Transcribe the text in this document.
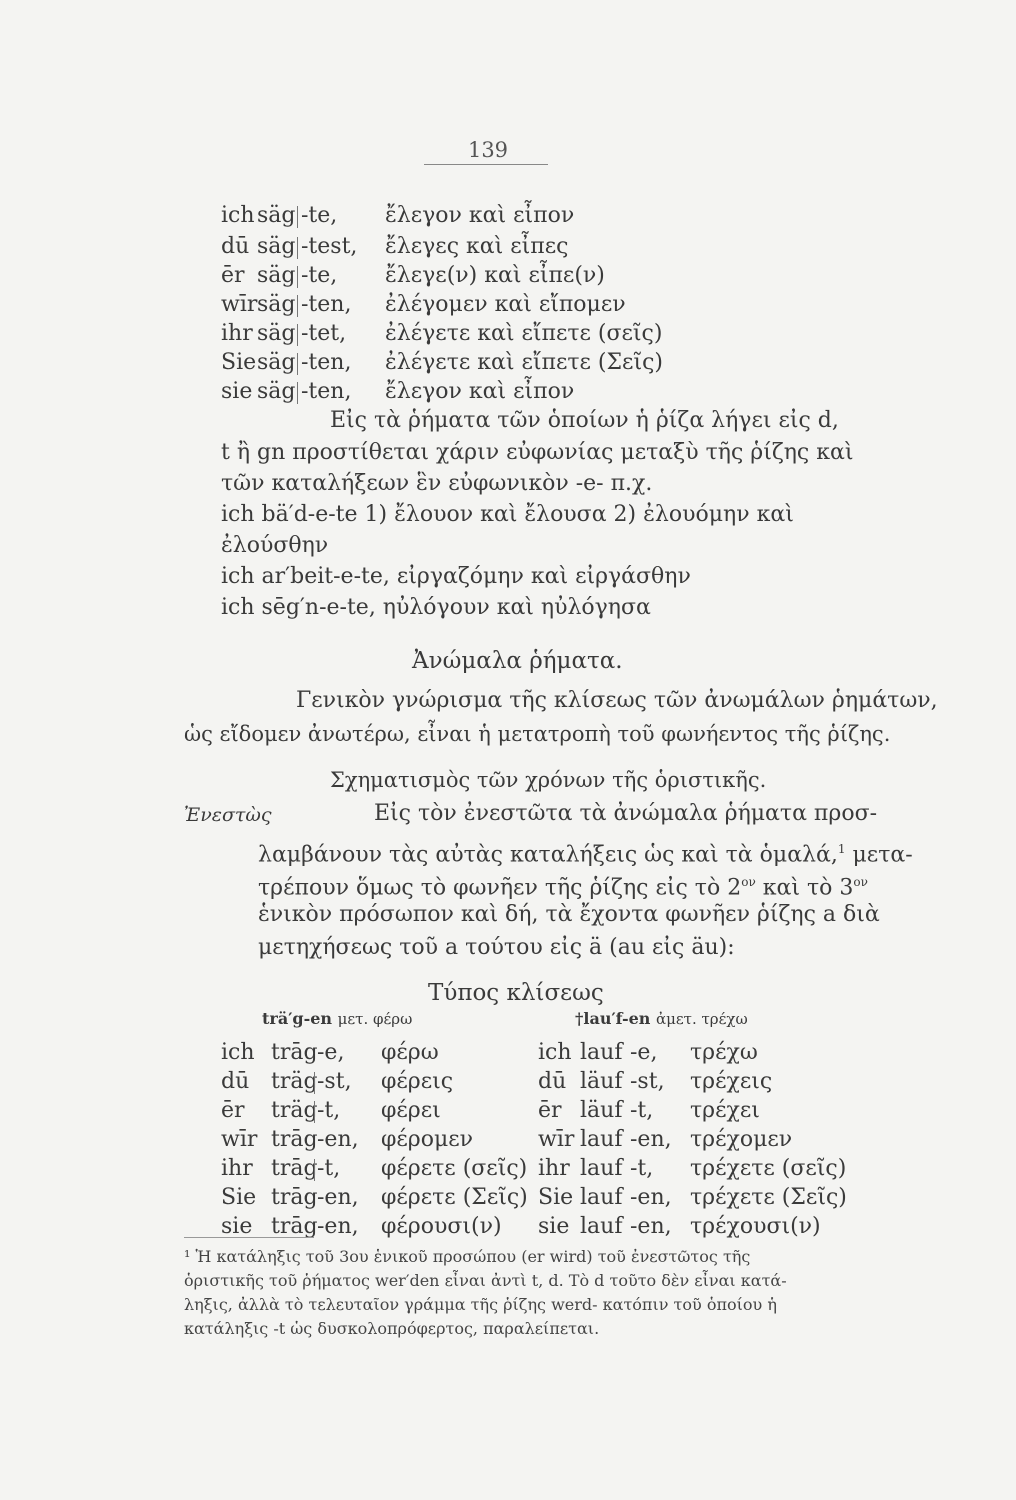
139
ich säg -te, ἔλεγον καὶ εἶπον
dū säg -test, ἔλεγες καὶ εἶπες
ēr säg -te, ἔλεγε(ν) καὶ εἶπε(ν)
wīr säg -ten, ἐλέγομεν καὶ εἴπομεν
ihr säg -tet, ἐλέγετε καὶ εἴπετε (σεῖς)
Sie säg -ten, ἐλέγετε καὶ εἴπετε (Σεῖς)
sie säg -ten, ἔλεγον καὶ εἶπον
Εἰς τὰ ῥήματα τῶν ὁποίων ἡ ῥίζα λήγει εἰς d,
t ἢ gn προστίθεται χάριν εὐφωνίας μεταξὺ τῆς ῥίζης καὶ
τῶν καταλήξεων ἓν εὐφωνικὸν -e- π.χ.
ich bä′d-e-te 1) ἔλουον καὶ ἔλουσα 2) ἐλουόμην καὶ
ἐλούσθην
ich ar′beit-e-te, εἰργαζόμην καὶ εἰργάσθην
ich sēg′n-e-te, ηὐλόγουν καὶ ηὐλόγησα
Ἀνώμαλα ῥήματα.
Γενικὸν γνώρισμα τῆς κλίσεως τῶν ἀνωμάλων ῥημάτων,
ὡς εἴδομεν ἀνωτέρω, εἶναι ἡ μετατροπὴ τοῦ φωνήεντος τῆς ῥίζης.
Σχηματισμὸς τῶν χρόνων τῆς ὁριστικῆς.
Ἐνεστὼς	Εἰς τὸν ἐνεστῶτα τὰ ἀνώμαλα ῥήματα προσ-
λαμβάνουν τὰς αὐτὰς καταλήξεις ὡς καὶ τὰ ὁμαλά,$^1$ μετα-
τρέπουν ὅμως τὸ φωνῆεν τῆς ῥίζης εἰς τὸ $2^{o\nu}$ καὶ τὸ $3^{o\nu}$
ἑνικὸν πρόσωπον καὶ δή, τὰ ἔχοντα φωνῆεν ῥίζης a διὰ
μετηχήσεως τοῦ a τούτου εἰς ä (au εἰς äu):
Τύπος κλίσεως
trä′g-en μετ. φέρω	†lau′f-en ἀμετ. τρέχω
ich trāg -e, φέρω
dū träg -st, φέρεις
ēr träg -t, φέρει
wīr trāg -en, φέρομεν
ihr trāg -t, φέρετε (σεῖς)
Sie trāg -en, φέρετε (Σεῖς)
sie trāg -en, φέρουσι(ν)
ich lauf -e, τρέχω
dū läuf -st, τρέχεις
ēr läuf -t, τρέχει
wīr lauf -en, τρέχομεν
ihr lauf -t, τρέχετε (σεῖς)
Sie lauf -en, τρέχετε (Σεῖς)
sie lauf -en, τρέχουσι(ν)
¹ Ἡ κατάληξις τοῦ 3ου ἑνικοῦ προσώπου (er wird) τοῦ ἐνεστῶτος τῆς
ὁριστικῆς τοῦ ῥήματος wer′den εἶναι ἀντὶ t, d. Τὸ d τοῦτο δὲν εἶναι κατά-
ληξις, ἀλλὰ τὸ τελευταῖον γράμμα τῆς ῥίζης werd- κατόπιν τοῦ ὁποίου ἡ
κατάληξις -t ὡς δυσκολοπρόφερτος, παραλείπεται.
